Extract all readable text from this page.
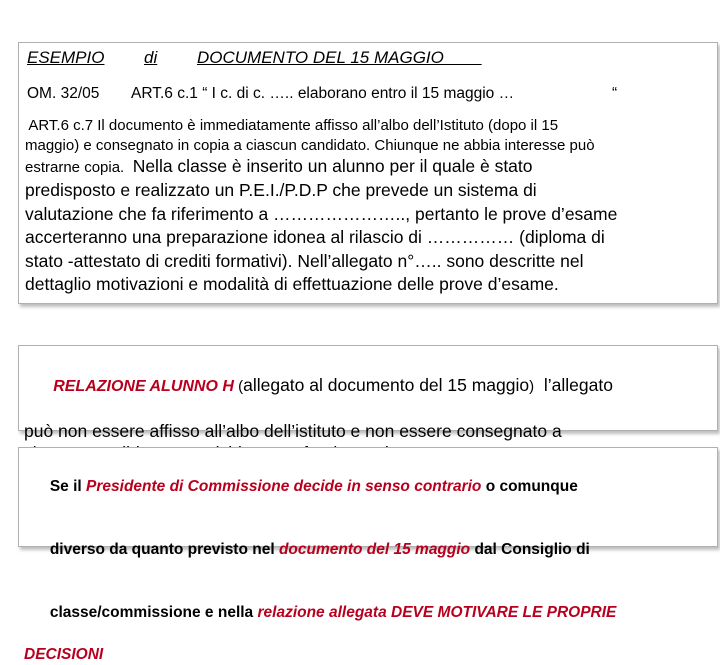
ESEMPIO di DOCUMENTO DEL 15 MAGGIO
OM. 32/05 ART.6 c.1 “ I c. di c. ….. elaborano entro il 15 maggio …	“
ART.6 c.7 Il documento è immediatamente affisso all’albo dell’Istituto (dopo il 15
maggio) e consegnato in copia a ciascun candidato. Chiunque ne abbia interesse può
estrarne copia. Nella classe è inserito un alunno per il quale è stato
predisposto e realizzato un P.E.I./P.D.P che prevede un sistema di
valutazione che fa riferimento a ………………….., pertanto le prove d’esame
accerteranno una preparazione idonea al rilascio di …………… (diploma di
stato -attestato di crediti formativi). Nell’allegato n°….. sono descritte nel
dettaglio motivazioni e modalità di effettuazione delle prove d’esame.

RELAZIONE ALUNNO H (allegato al documento del 15 maggio)  l’allegato

può non essere affisso all’albo dell’istituto e non essere consegnato a

Se il Presidente di Commissione decide in senso contrario o comunque

diverso da quanto previsto nel documento del 15 maggio dal Consiglio di

classe/commissione e nella relazione allegata DEVE MOTIVARE LE PROPRIE

DECISIONI
